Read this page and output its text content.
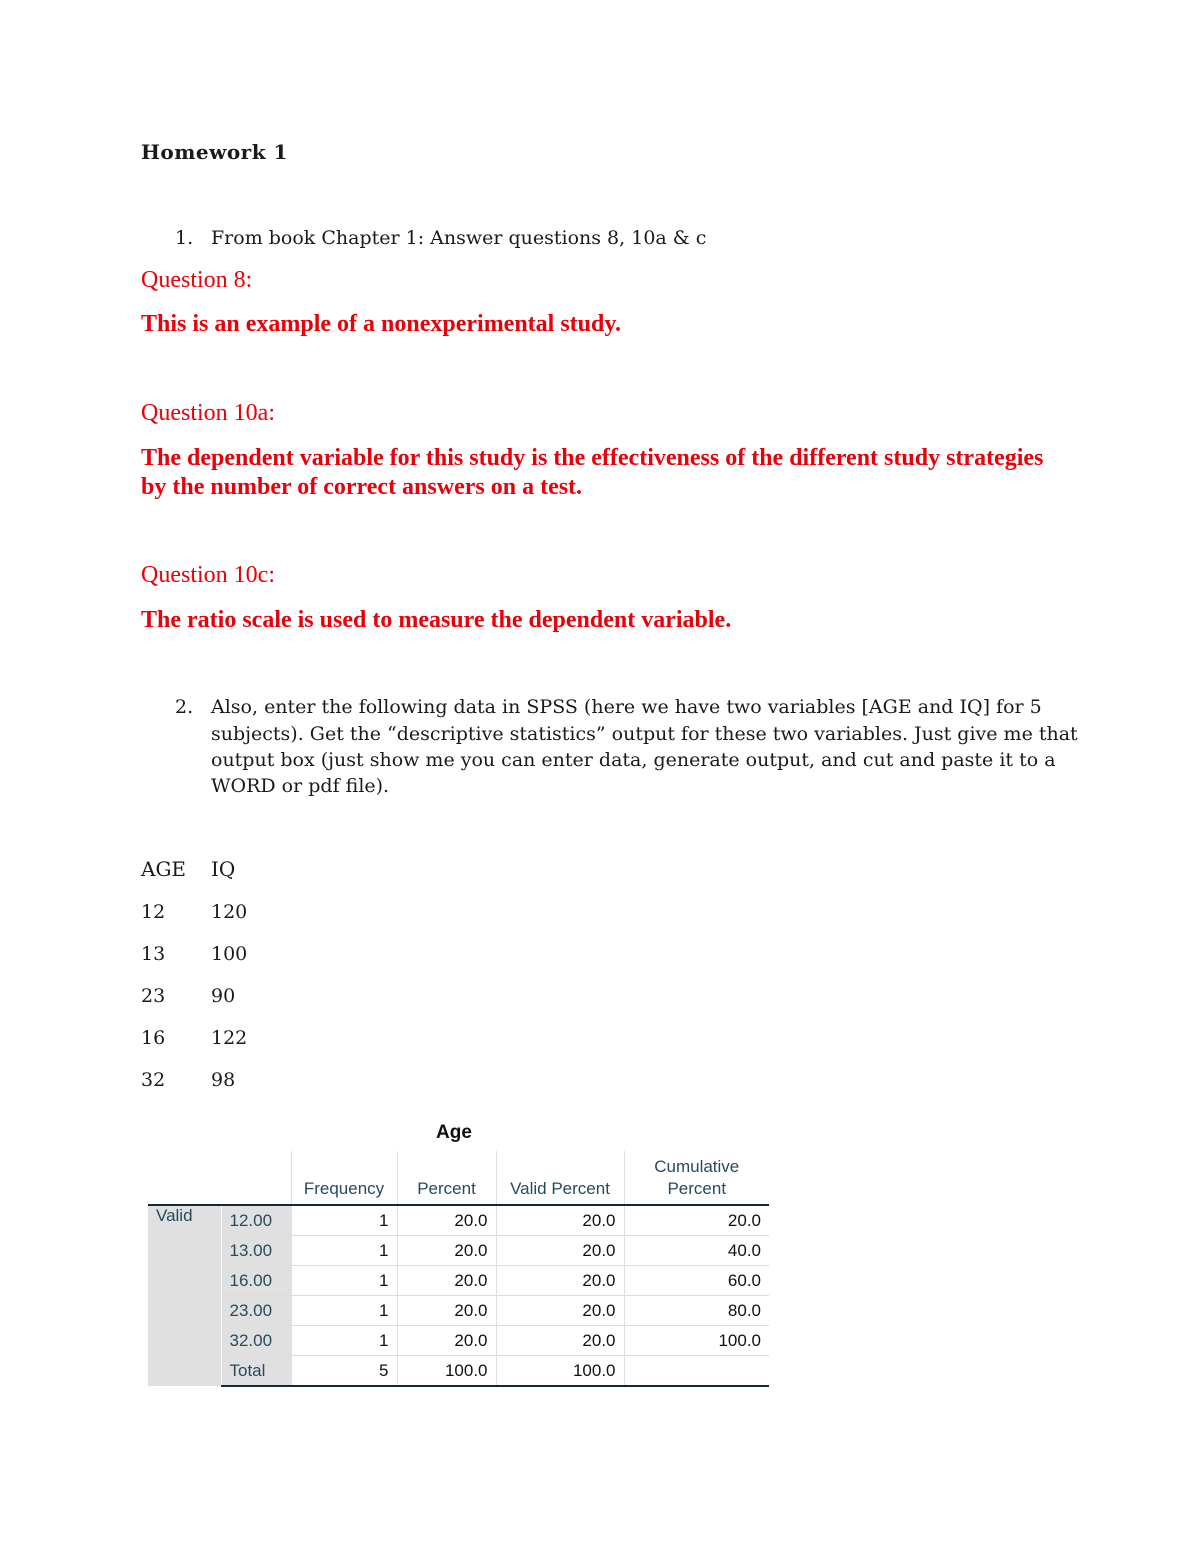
Homework 1
1. From book Chapter 1: Answer questions 8, 10a & c
Question 8:
This is an example of a nonexperimental study.
Question 10a:
The dependent variable for this study is the effectiveness of the different study strategies
by the number of correct answers on a test.
Question 10c:
The ratio scale is used to measure the dependent variable.
2. Also, enter the following data in SPSS (here we have two variables [AGE and IQ] for 5
subjects). Get the “descriptive statistics” output for these two variables. Just give me that
output box (just show me you can enter data, generate output, and cut and paste it to a
WORD or pdf file).
AGE IQ
12 120
13 100
23 90
16 122
32 98
Age
		Frequency	Percent	Valid Percent	Cumulative
Percent
Valid	12.00	1	20.0	20.0	20.0
	13.00	1	20.0	20.0	40.0
	16.00	1	20.0	20.0	60.0
	23.00	1	20.0	20.0	80.0
	32.00	1	20.0	20.0	100.0
	Total	5	100.0	100.0	
